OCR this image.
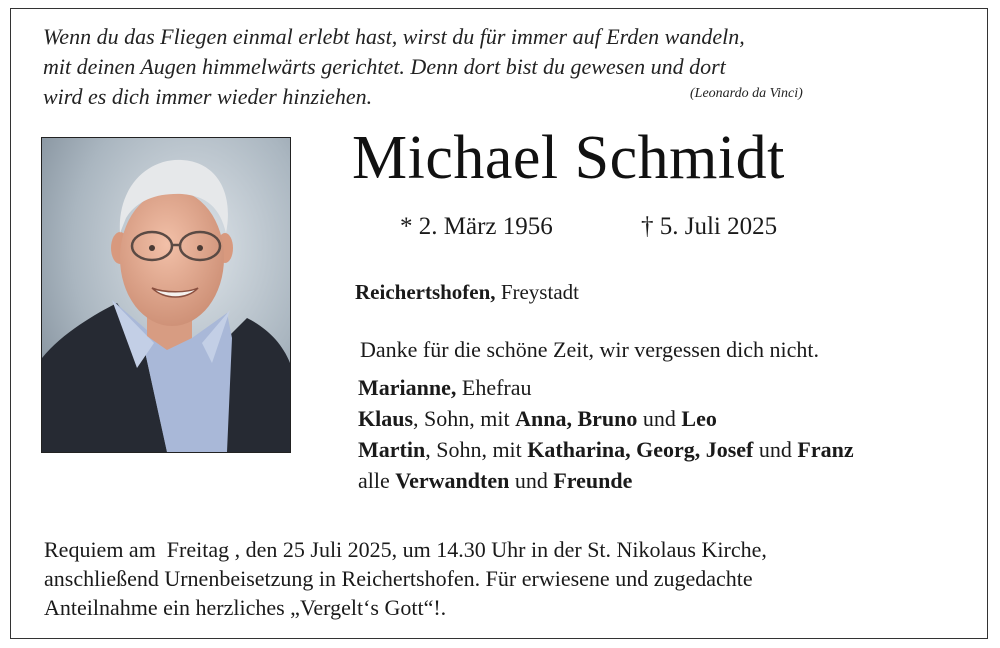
Wenn du das Fliegen einmal erlebt hast, wirst du für immer auf Erden wandeln,
mit deinen Augen himmelwärts gerichtet. Denn dort bist du gewesen und dort
wird es dich immer wieder hinziehen.	(Leonardo da Vinci)
Michael Schmidt
* 2. März 1956	† 5. Juli 2025
Reichertshofen, Freystadt
Danke für die schöne Zeit, wir vergessen dich nicht.
Marianne, Ehefrau
Klaus, Sohn, mit Anna, Bruno und Leo
Martin, Sohn, mit Katharina, Georg, Josef und Franz
alle Verwandten und Freunde
Requiem am  Freitag , den 25 Juli 2025, um 14.30 Uhr in der St. Nikolaus Kirche,
anschließend Urnenbeisetzung in Reichertshofen. Für erwiesene und zugedachte
Anteilnahme ein herzliches „Vergelt‘s Gott“!.
